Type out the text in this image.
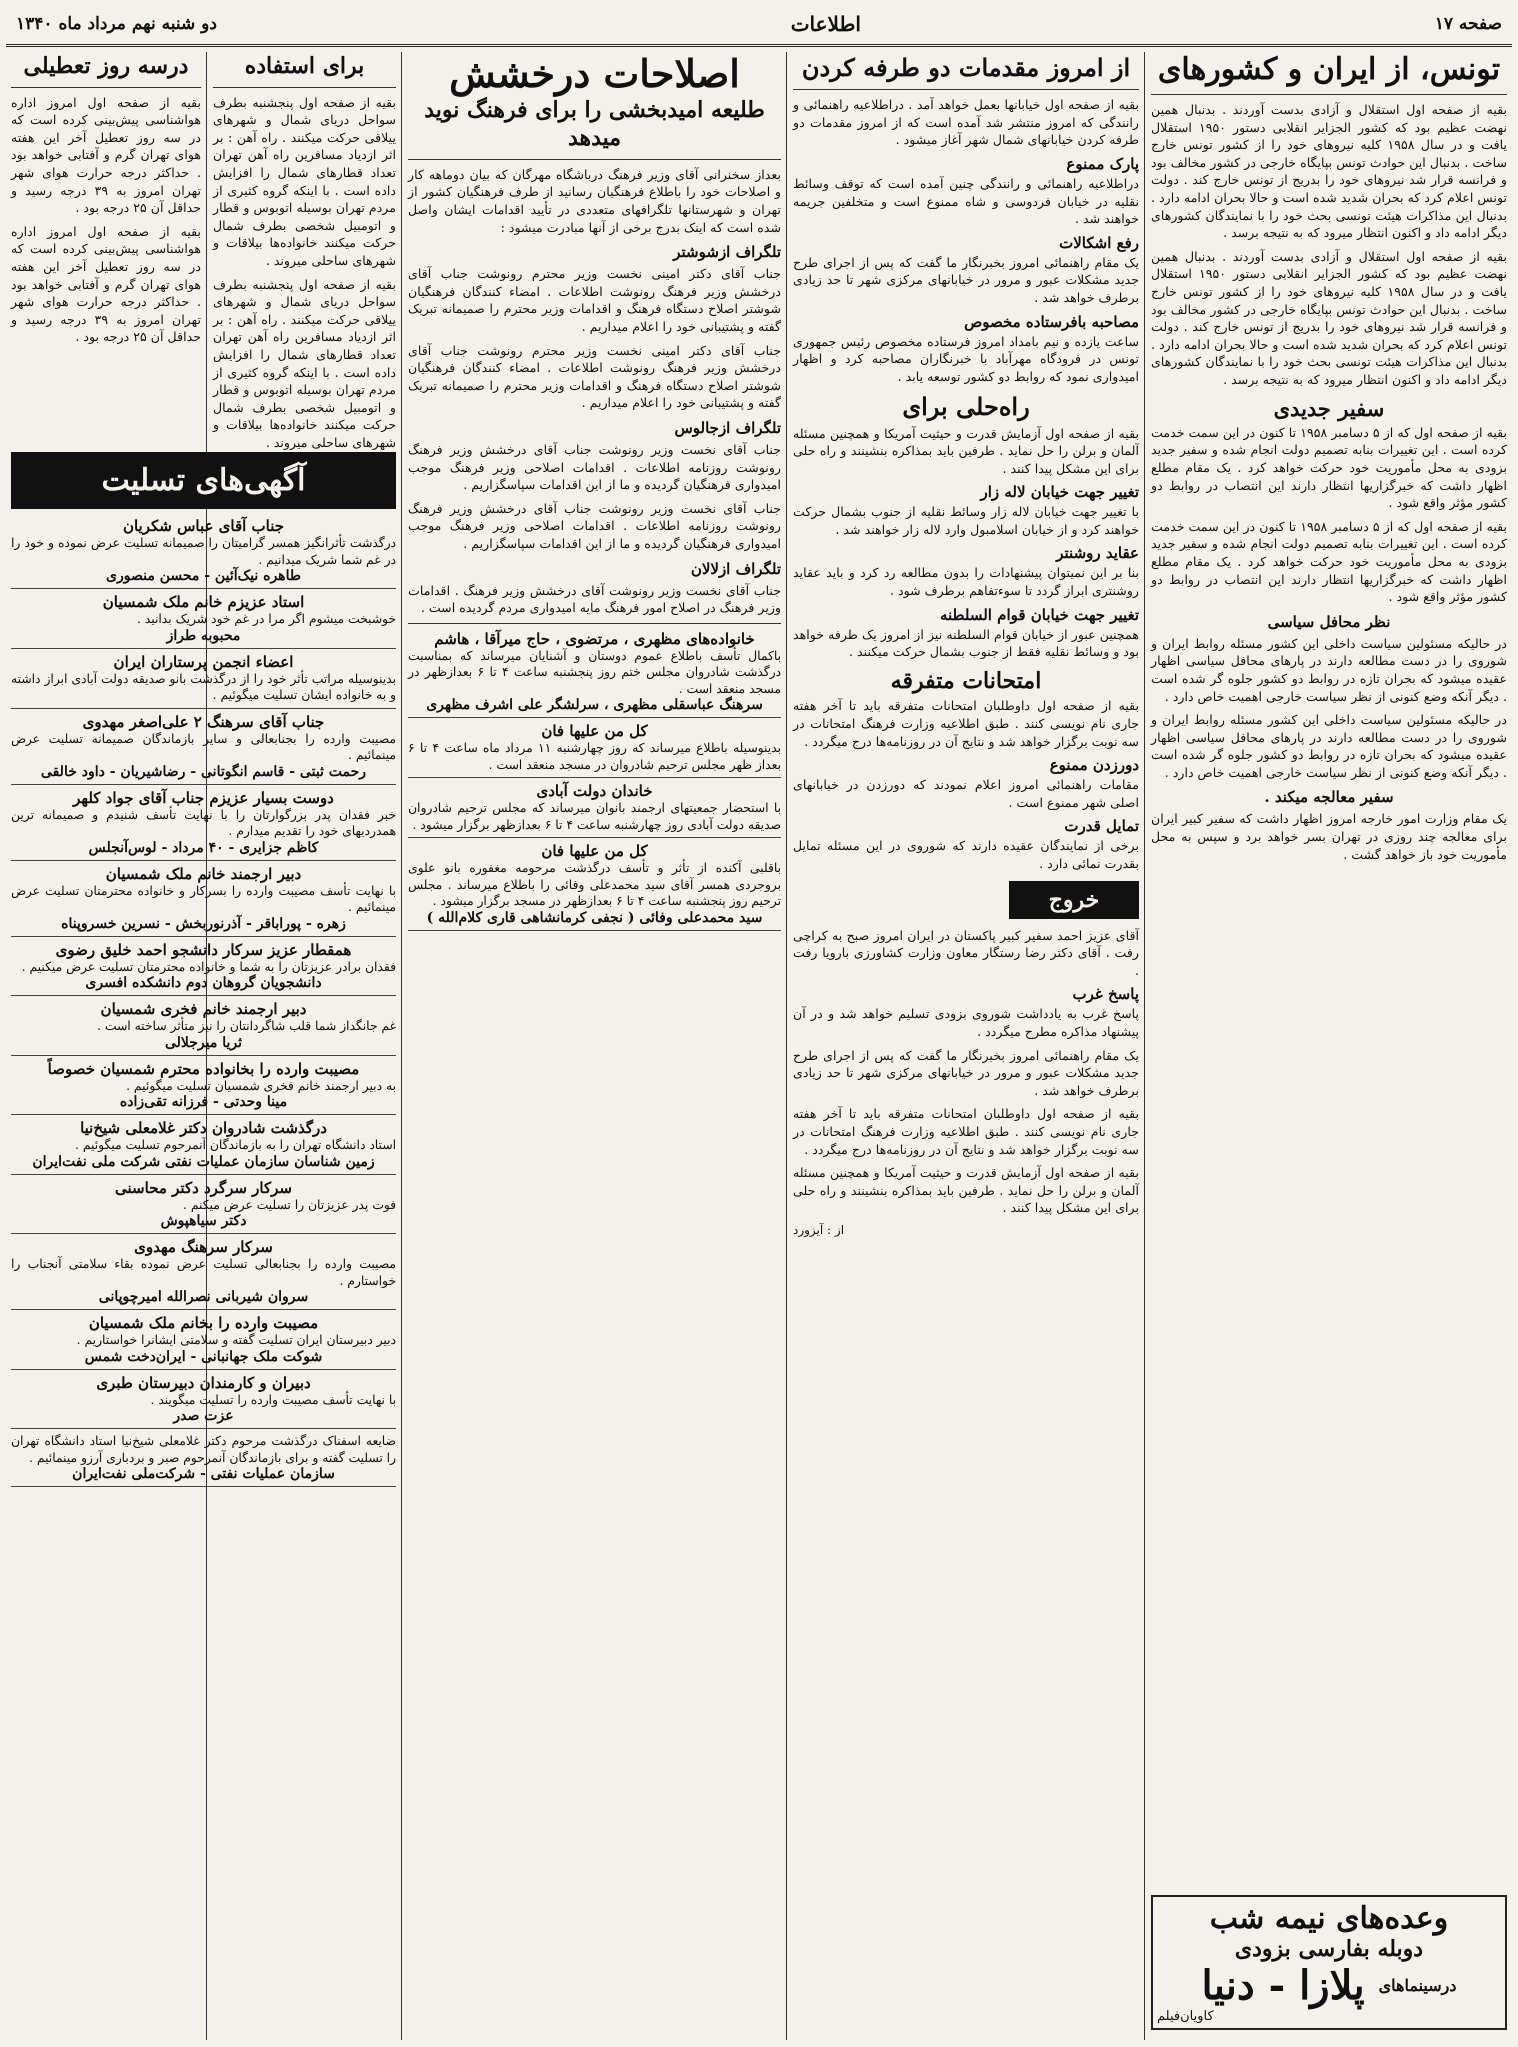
صفحه ۱۷
اطلاعات
دو شنبه نهم مرداد ماه ۱۳۴۰
تونس، از ایران و کشورهای

بقیه از صفحه اول استقلال و آزادی بدست آوردند . بدنبال همین نهضت عظیم بود که کشور الجزایر انقلابی دستور ۱۹۵۰ استقلال یافت و در سال ۱۹۵۸ کلیه نیروهای خود را از کشور تونس خارج ساخت . بدنبال این حوادث تونس بپایگاه خارجی در کشور مخالف بود و فرانسه قرار شد نیروهای خود را بدریج از تونس خارج کند . دولت تونس اعلام کرد که بحران شدید شده است و حالا بحران ادامه دارد . بدنبال این مذاکرات هیئت تونسی بحث خود را با نمایندگان کشورهای دیگر ادامه داد و اکنون انتظار میرود که به نتیجه برسد .

بقیه از صفحه اول استقلال و آزادی بدست آوردند . بدنبال همین نهضت عظیم بود که کشور الجزایر انقلابی دستور ۱۹۵۰ استقلال یافت و در سال ۱۹۵۸ کلیه نیروهای خود را از کشور تونس خارج ساخت . بدنبال این حوادث تونس بپایگاه خارجی در کشور مخالف بود و فرانسه قرار شد نیروهای خود را بدریج از تونس خارج کند . دولت تونس اعلام کرد که بحران شدید شده است و حالا بحران ادامه دارد . بدنبال این مذاکرات هیئت تونسی بحث خود را با نمایندگان کشورهای دیگر ادامه داد و اکنون انتظار میرود که به نتیجه برسد .

سفیر جدیدی

بقیه از صفحه اول که از ۵ دسامبر ۱۹۵۸ تا کنون در این سمت خدمت کرده است . این تغییرات بنابه تصمیم دولت انجام شده و سفیر جدید بزودی به محل مأموریت خود حرکت خواهد کرد . یک مقام مطلع اظهار داشت که خبرگزاریها انتظار دارند این انتصاب در روابط دو کشور مؤثر واقع شود .

بقیه از صفحه اول که از ۵ دسامبر ۱۹۵۸ تا کنون در این سمت خدمت کرده است . این تغییرات بنابه تصمیم دولت انجام شده و سفیر جدید بزودی به محل مأموریت خود حرکت خواهد کرد . یک مقام مطلع اظهار داشت که خبرگزاریها انتظار دارند این انتصاب در روابط دو کشور مؤثر واقع شود .

نظر محافل سیاسی

در حالیکه مسئولین سیاست داخلی این کشور مسئله روابط ایران و شوروی را در دست مطالعه دارند در پارهای محافل سیاسی اظهار عقیده میشود که بحران تازه در روابط دو کشور جلوه گر شده است . دیگر آنکه وضع کنونی از نظر سیاست خارجی اهمیت خاص دارد .

در حالیکه مسئولین سیاست داخلی این کشور مسئله روابط ایران و شوروی را در دست مطالعه دارند در پارهای محافل سیاسی اظهار عقیده میشود که بحران تازه در روابط دو کشور جلوه گر شده است . دیگر آنکه وضع کنونی از نظر سیاست خارجی اهمیت خاص دارد .

سفیر معالجه میکند .

یک مقام وزارت امور خارجه امروز اظهار داشت که سفیر کبیر ایران برای معالجه چند روزی در تهران بسر خواهد برد و سپس به محل مأموریت خود باز خواهد گشت .

وعده‌های نیمه شب
دوبله بفارسی بزودی
درسینماهای
پلازا - دنیا
کاویان‌فیلم
از امروز مقدمات دو طرفه کردن

بقیه از صفحه اول خیابانها بعمل خواهد آمد . دراطلاعیه راهنمائی و رانندگی که امروز منتشر شد آمده است که از امروز مقدمات دو طرفه کردن خیابانهای شمال شهر آغاز میشود .

پارک ممنوع

دراطلاعیه راهنمائی و رانندگی چنین آمده است که توقف وسائط نقلیه در خیابان فردوسی و شاه ممنوع است و متخلفین جریمه خواهند شد .

رفع اشکالات

یک مقام راهنمائی امروز بخبرنگار ما گفت که پس از اجرای طرح جدید مشکلات عبور و مرور در خیابانهای مرکزی شهر تا حد زیادی برطرف خواهد شد .

مصاحبه بافرستاده مخصوص

ساعت یازده و نیم بامداد امروز فرستاده مخصوص رئیس جمهوری تونس در فرودگاه مهرآباد با خبرنگاران مصاحبه کرد و اظهار امیدواری نمود که روابط دو کشور توسعه یابد .

راه‌حلی برای

بقیه از صفحه اول آزمایش قدرت و حیثیت آمریکا و همچنین مسئله آلمان و برلن را حل نماید . طرفین باید بمذاکره بنشینند و راه حلی برای این مشکل پیدا کنند .

تغییر جهت خیابان لاله زار

با تغییر جهت خیابان لاله زار وسائط نقلیه از جنوب بشمال حرکت خواهند کرد و از خیابان اسلامبول وارد لاله زار خواهند شد .

عقاید روشنتر

بنا بر این نمیتوان پیشنهادات را بدون مطالعه رد کرد و باید عقاید روشنتری ابراز گردد تا سوءتفاهم برطرف شود .

تغییر جهت خیابان قوام السلطنه

همچنین عبور از خیابان قوام السلطنه نیز از امروز یک طرفه خواهد بود و وسائط نقلیه فقط از جنوب بشمال حرکت میکنند .

امتحانات متفرقه

بقیه از صفحه اول داوطلبان امتحانات متفرقه باید تا آخر هفته جاری نام نویسی کنند . طبق اطلاعیه وزارت فرهنگ امتحانات در سه نوبت برگزار خواهد شد و نتایج آن در روزنامه‌ها درج میگردد .

دورزدن ممنوع

مقامات راهنمائی امروز اعلام نمودند که دورزدن در خیابانهای اصلی شهر ممنوع است .

تمایل قدرت

برخی از نمایندگان عقیده دارند که شوروی در این مسئله تمایل بقدرت نمائی دارد .

خروج

آقای عزیز احمد سفیر کبیر پاکستان در ایران امروز صبح به کراچی رفت . آقای دکتر رضا رستگار معاون وزارت کشاورزی بارویا رفت .

پاسخ غرب

پاسخ غرب به یادداشت شوروی بزودی تسلیم خواهد شد و در آن پیشنهاد مذاکره مطرح میگردد .

یک مقام راهنمائی امروز بخبرنگار ما گفت که پس از اجرای طرح جدید مشکلات عبور و مرور در خیابانهای مرکزی شهر تا حد زیادی برطرف خواهد شد .

بقیه از صفحه اول داوطلبان امتحانات متفرقه باید تا آخر هفته جاری نام نویسی کنند . طبق اطلاعیه وزارت فرهنگ امتحانات در سه نوبت برگزار خواهد شد و نتایج آن در روزنامه‌ها درج میگردد .

بقیه از صفحه اول آزمایش قدرت و حیثیت آمریکا و همچنین مسئله آلمان و برلن را حل نماید . طرفین باید بمذاکره بنشینند و راه حلی برای این مشکل پیدا کنند .

از : آیزورد
اصلاحات درخشش
طلیعه امیدبخشی را برای فرهنگ نوید میدهد

بعداز سخنرانی آقای وزیر فرهنگ درباشگاه مهرگان که بیان دوماهه کار و اصلاحات خود را باطلاع فرهنگیان رسانید از طرف فرهنگیان کشور از تهران و شهرستانها تلگرافهای متعددی در تأیید اقدامات ایشان واصل شده است که اینک بدرج برخی از آنها مبادرت میشود :

تلگراف ازشوشتر

جناب آقای دکتر امینی نخست وزیر محترم رونوشت جناب آقای درخشش وزیر فرهنگ رونوشت اطلاعات . امضاء کنندگان فرهنگیان شوشتر اصلاح دستگاه فرهنگ و اقدامات وزیر محترم را صمیمانه تبریک گفته و پشتیبانی خود را اعلام میداریم .

جناب آقای دکتر امینی نخست وزیر محترم رونوشت جناب آقای درخشش وزیر فرهنگ رونوشت اطلاعات . امضاء کنندگان فرهنگیان شوشتر اصلاح دستگاه فرهنگ و اقدامات وزیر محترم را صمیمانه تبریک گفته و پشتیبانی خود را اعلام میداریم .

تلگراف ازجالوس

جناب آقای نخست وزیر رونوشت جناب آقای درخشش وزیر فرهنگ رونوشت روزنامه اطلاعات . اقدامات اصلاحی وزیر فرهنگ موجب امیدواری فرهنگیان گردیده و ما از این اقدامات سپاسگزاریم .

جناب آقای نخست وزیر رونوشت جناب آقای درخشش وزیر فرهنگ رونوشت روزنامه اطلاعات . اقدامات اصلاحی وزیر فرهنگ موجب امیدواری فرهنگیان گردیده و ما از این اقدامات سپاسگزاریم .

تلگراف ازلالان

جناب آقای نخست وزیر رونوشت آقای درخشش وزیر فرهنگ . اقدامات وزیر فرهنگ در اصلاح امور فرهنگ مایه امیدواری مردم گردیده است .

خانواده‌های مظهری ، مرتضوی ، حاج میرآقا ، هاشم
باکمال تأسف باطلاع عموم دوستان و آشنایان میرساند که بمناسبت درگذشت شادروان مجلس ختم روز پنجشنبه ساعت ۴ تا ۶ بعدازظهر در مسجد منعقد است .
سرهنگ عباسقلی مظهری ، سرلشگر علی اشرف مظهری
کل من علیها فان
بدینوسیله باطلاع میرساند که روز چهارشنبه ۱۱ مرداد ماه ساعت ۴ تا ۶ بعداز ظهر مجلس ترحیم شادروان در مسجد منعقد است .
خاندان دولت آبادی
با استحضار جمعیتهای ارجمند بانوان میرساند که مجلس ترحیم شادروان صدیقه دولت آبادی روز چهارشنبه ساعت ۴ تا ۶ بعدازظهر برگزار میشود .
کل من علیها فان
باقلبی آکنده از تأثر و تأسف درگذشت مرحومه مغفوره بانو علوی بروجردی همسر آقای سید محمدعلی وفائی را باطلاع میرساند . مجلس ترحیم روز پنجشنبه ساعت ۴ تا ۶ بعدازظهر در مسجد برگزار میشود .
سید محمدعلی وفائی ( نجفی کرمانشاهی قاری کلام‌الله )
برای استفاده

بقیه از صفحه اول پنجشنبه بطرف سواحل دریای شمال و شهرهای ییلاقی حرکت میکنند . راه آهن : بر اثر ازدیاد مسافرین راه آهن تهران تعداد قطارهای شمال را افزایش داده است . با اینکه گروه کثیری از مردم تهران بوسیله اتوبوس و قطار و اتومبیل شخصی بطرف شمال حرکت میکنند خانواده‌ها بیلاقات و شهرهای ساحلی میروند .

بقیه از صفحه اول پنجشنبه بطرف سواحل دریای شمال و شهرهای ییلاقی حرکت میکنند . راه آهن : بر اثر ازدیاد مسافرین راه آهن تهران تعداد قطارهای شمال را افزایش داده است . با اینکه گروه کثیری از مردم تهران بوسیله اتوبوس و قطار و اتومبیل شخصی بطرف شمال حرکت میکنند خانواده‌ها بیلاقات و شهرهای ساحلی میروند .

درسه روز تعطیلی

بقیه از صفحه اول امروز اداره هواشناسی پیش‌بینی کرده است که در سه روز تعطیل آخر این هفته هوای تهران گرم و آفتابی خواهد بود . حداکثر درجه حرارت هوای شهر تهران امروز به ۳۹ درجه رسید و حداقل آن ۲۵ درجه بود .

بقیه از صفحه اول امروز اداره هواشناسی پیش‌بینی کرده است که در سه روز تعطیل آخر این هفته هوای تهران گرم و آفتابی خواهد بود . حداکثر درجه حرارت هوای شهر تهران امروز به ۳۹ درجه رسید و حداقل آن ۲۵ درجه بود .

آگهی‌های تسلیت
جناب آقای عباس شکریان
درگذشت تأثرانگیز همسر گرامیتان را صمیمانه تسلیت عرض نموده و خود را در غم شما شریک میدانیم .
طاهره نیک‌آئین - محسن منصوری
استاد عزیزم خانم ملک شمسیان
خوشبخت میشوم اگر مرا در غم خود شریک بدانید .
محبوبه طراز
اعضاء انجمن پرستاران ایران
بدینوسیله مراتب تأثر خود را از درگذشت بانو صدیقه دولت آبادی ابراز داشته و به خانواده ایشان تسلیت میگوئیم .
جناب آقای سرهنگ ۲ علی‌اصغر مهدوی
مصیبت وارده را بجنابعالی و سایر بازماندگان صمیمانه تسلیت عرض مینمائیم .
رحمت ثبتی - قاسم انگوتانی - رضاشیریان - داود خالقی
دوست بسیار عزیزم جناب آقای جواد کلهر
خبر فقدان پدر بزرگوارتان را با نهایت تأسف شنیدم و صمیمانه ترین همدردیهای خود را تقدیم میدارم .
کاظم جزایری - ۴۰ مرداد - لوس‌آنجلس
دبیر ارجمند خانم ملک شمسیان
با نهایت تأسف مصیبت وارده را بسرکار و خانواده محترمتان تسلیت عرض مینمائیم .
زهره - پوراباقر - آذرنوربخش - نسرین خسروپناه
همقطار عزیز سرکار دانشجو احمد خلیق رضوی
فقدان برادر عزیزتان را به شما و خانواده محترمتان تسلیت عرض میکنیم .
دانشجویان گروهان دوم دانشکده افسری
دبیر ارجمند خانم فخری شمسیان
غم جانگداز شما قلب شاگردانتان را نیز متأثر ساخته است .
ثریا میرجلالی
مصیبت وارده را بخانواده محترم شمسیان خصوصاً
به دبیر ارجمند خانم فخری شمسیان تسلیت میگوئیم .
مینا وحدتی - فرزانه تقی‌زاده
درگذشت شادروان دکتر غلامعلی شیخ‌نیا
استاد دانشگاه تهران را به بازماندگان آنمرحوم تسلیت میگوئیم .
زمین شناسان سازمان عملیات نفتی شرکت ملی نفت‌ایران
سرکار سرگرد دکتر محاسنی
فوت پدر عزیزتان را تسلیت عرض میکنم .
دکتر سیاهپوش
سرکار سرهنگ مهدوی
مصیبت وارده را بجنابعالی تسلیت عرض نموده بقاء سلامتی آنجناب را خواستارم .
سروان شیربانی نصرالله امیرچوپانی
مصیبت وارده را بخانم ملک شمسیان
دبیر دبیرستان ایران تسلیت گفته و سلامتی ایشانرا خواستاریم .
شوکت ملک جهانبانی - ایران‌دخت شمس
دبیران و کارمندان دبیرستان طبری
با نهایت تأسف مصیبت وارده را تسلیت میگویند .
عزت صدر
ضایعه اسفناک درگذشت مرحوم دکتر غلامعلی شیخ‌نیا استاد دانشگاه تهران را تسلیت گفته و برای بازماندگان آنمرحوم صبر و بردباری آرزو مینمائیم .
سازمان عملیات نفتی - شرکت‌ملی نفت‌ایران
